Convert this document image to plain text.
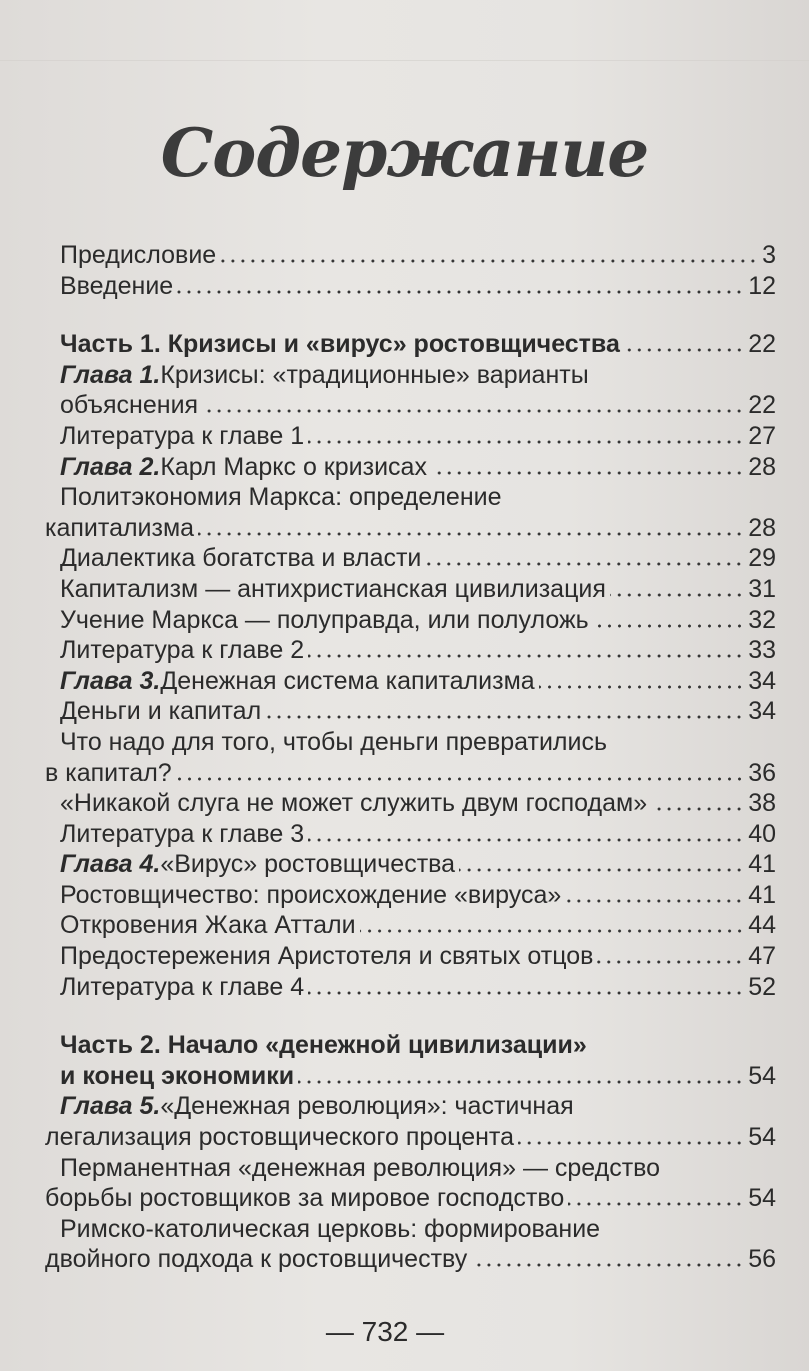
Содержание
Предисловие	3
Введение	12
Часть 1. Кризисы и «вирус» ростовщичества	22
Глава 1. Кризисы: «традиционные» варианты
объяснения	22
Литература к главе 1	27
Глава 2. Карл Маркс о кризисах	28
Политэкономия Маркса: определение
капитализма	28
Диалектика богатства и власти	29
Капитализм — антихристианская цивилизация	31
Учение Маркса — полуправда, или полуложь	32
Литература к главе 2	33
Глава 3. Денежная система капитализма	34
Деньги и капитал	34
Что надо для того, чтобы деньги превратились
в капитал?	36
«Никакой слуга не может служить двум господам»	38
Литература к главе 3	40
Глава 4. «Вирус» ростовщичества	41
Ростовщичество: происхождение «вируса»	41
Откровения Жака Аттали	44
Предостережения Аристотеля и святых отцов	47
Литература к главе 4	52
Часть 2. Начало «денежной цивилизации»
и конец экономики	54
Глава 5. «Денежная революция»: частичная
легализация ростовщического процента	54
Перманентная «денежная революция» — средство
борьбы ростовщиков за мировое господство	54
Римско-католическая церковь: формирование
двойного подхода к ростовщичеству	56
— 732 —
